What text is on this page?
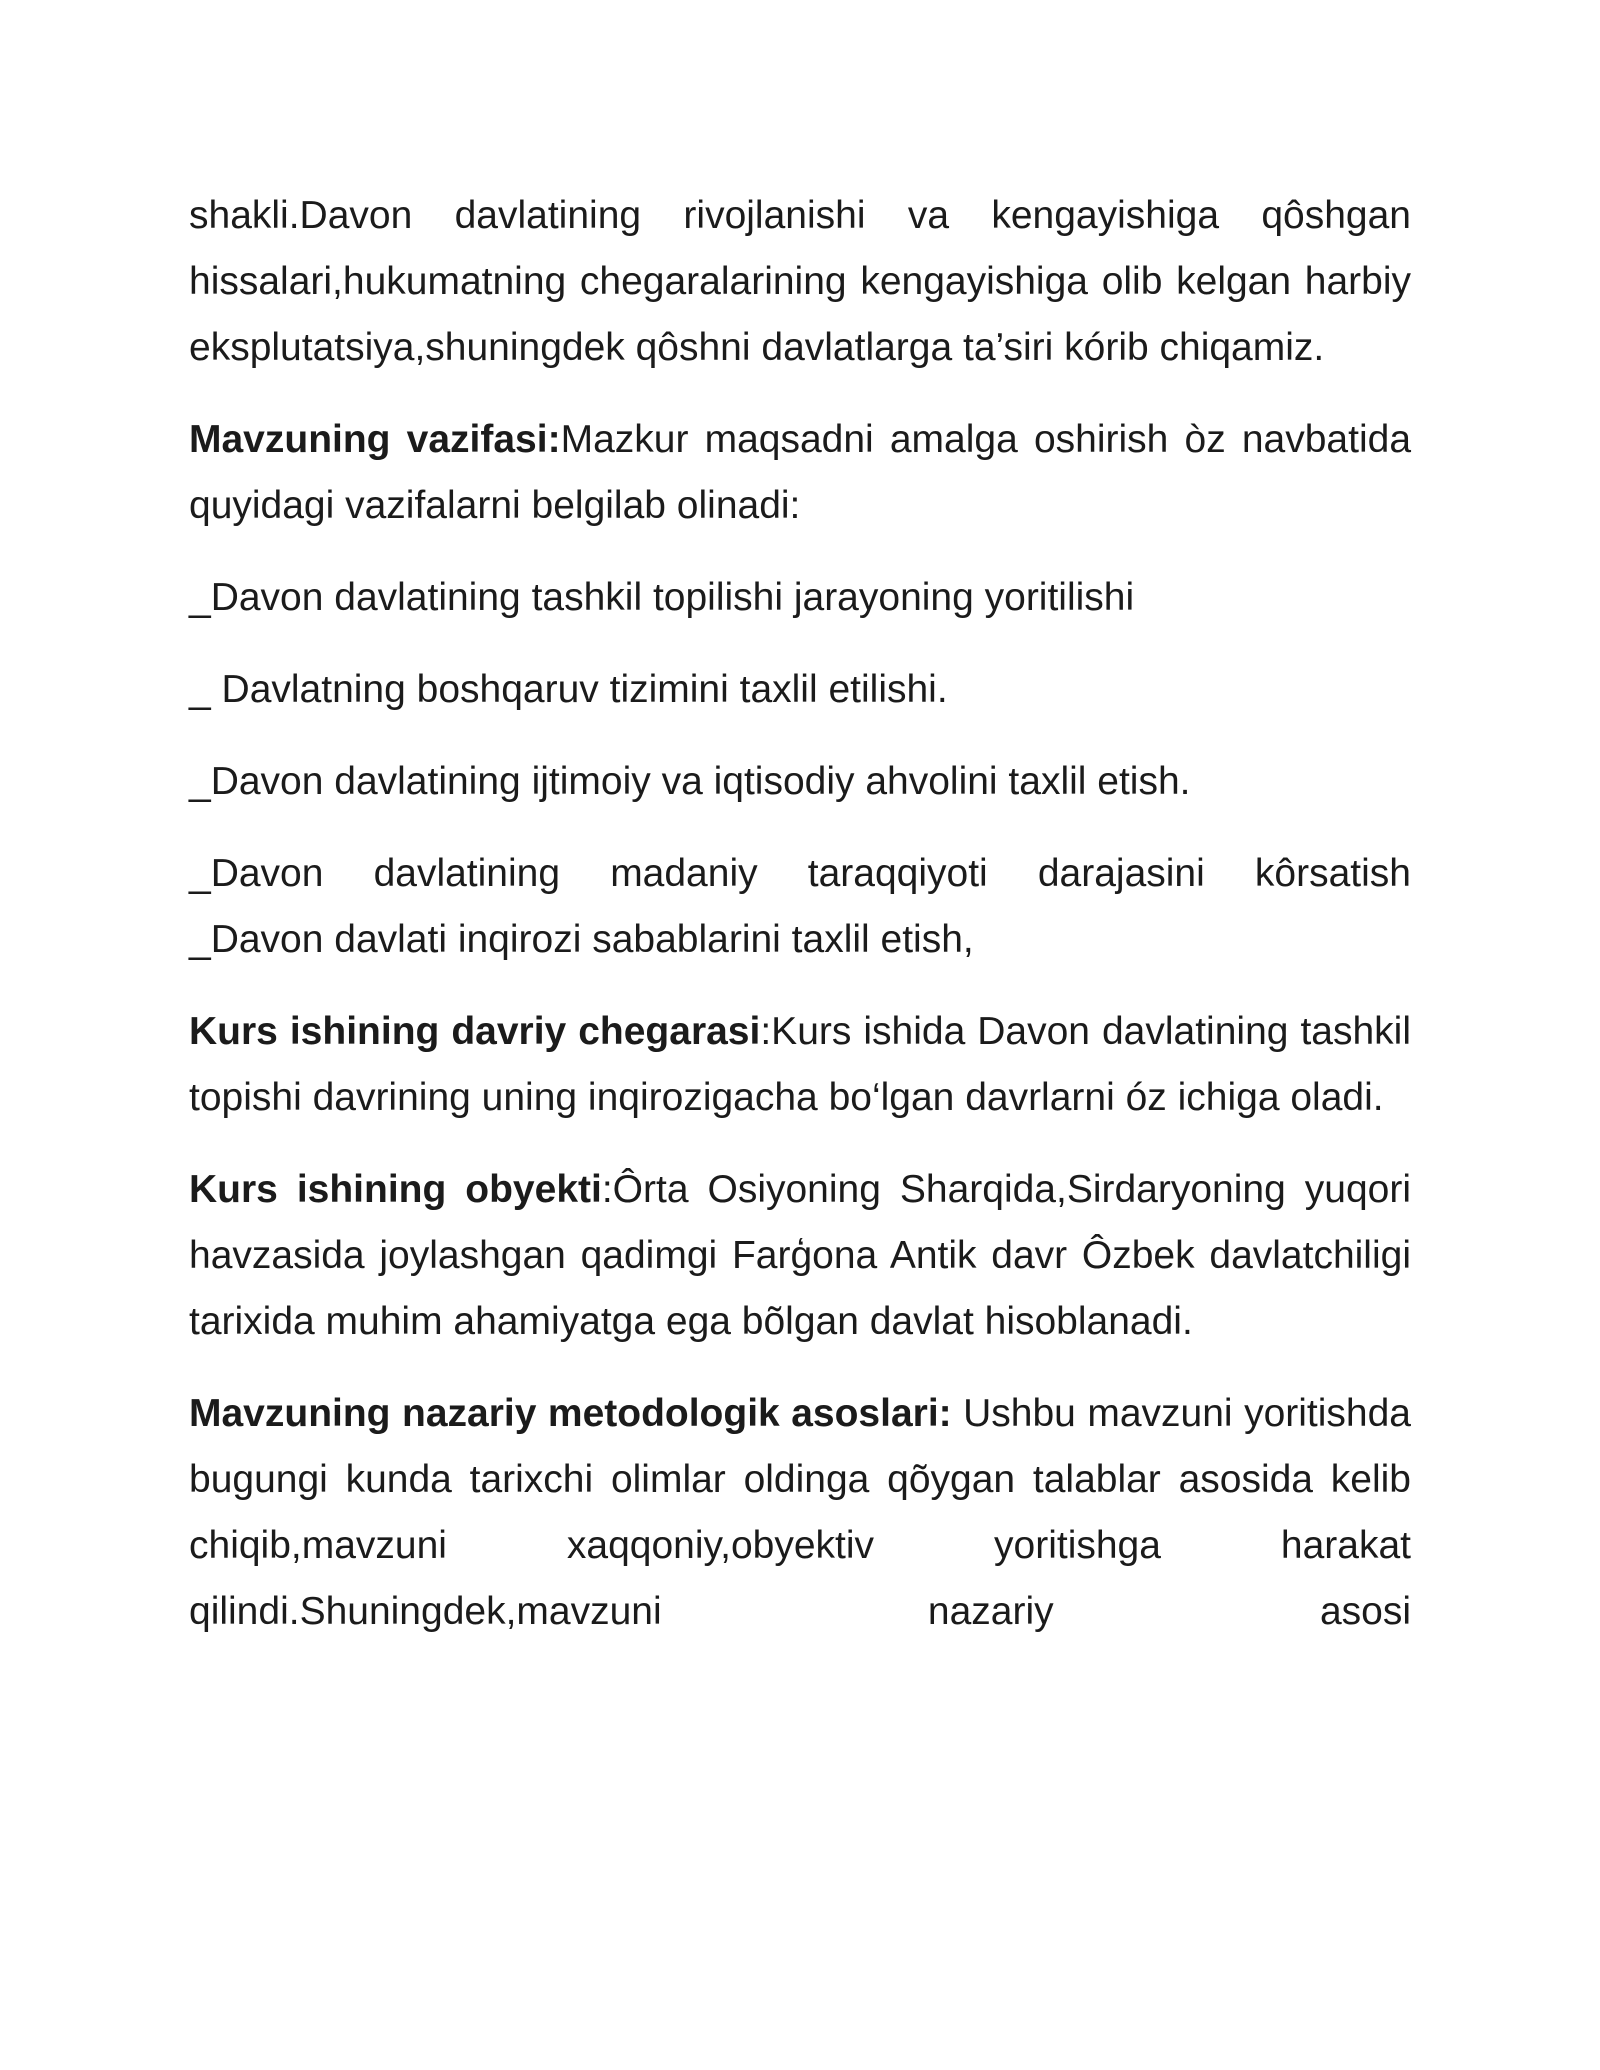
shakli.Davon davlatining rivojlanishi va kengayishiga qôshgan hissalari,hukumatning chegaralarining kengayishiga olib kelgan harbiy eksplutatsiya,shuningdek qôshni davlatlarga ta’siri kórib chiqamiz.

Mavzuning vazifasi:Mazkur maqsadni amalga oshirish òz navbatida quyidagi vazifalarni belgilab olinadi:

_Davon davlatining tashkil topilishi jarayoning yoritilishi

_ Davlatning boshqaruv tizimini taxlil etilishi.

_Davon davlatining ijtimoiy va iqtisodiy ahvolini taxlil etish.

_Davon davlatining madaniy taraqqiyoti darajasini kôrsatish
_Davon davlati inqirozi sabablarini taxlil etish,

Kurs ishining davriy chegarasi:Kurs ishida Davon davlatining tashkil topishi davrining uning inqirozigacha bo‘lgan davrlarni óz ichiga oladi.

Kurs ishining obyekti:Ôrta Osiyoning Sharqida,Sirdaryoning yuqori havzasida joylashgan qadimgi Farģona Antik davr Ôzbek davlatchiligi tarixida muhim ahamiyatga ega bõlgan davlat hisoblanadi.

Mavzuning nazariy metodologik asoslari: Ushbu mavzuni yoritishda bugungi kunda tarixchi olimlar oldinga qõygan talablar asosida kelib chiqib,mavzuni xaqqoniy,obyektiv yoritishga harakat qilindi.Shuningdek,mavzuni nazariy asosi
